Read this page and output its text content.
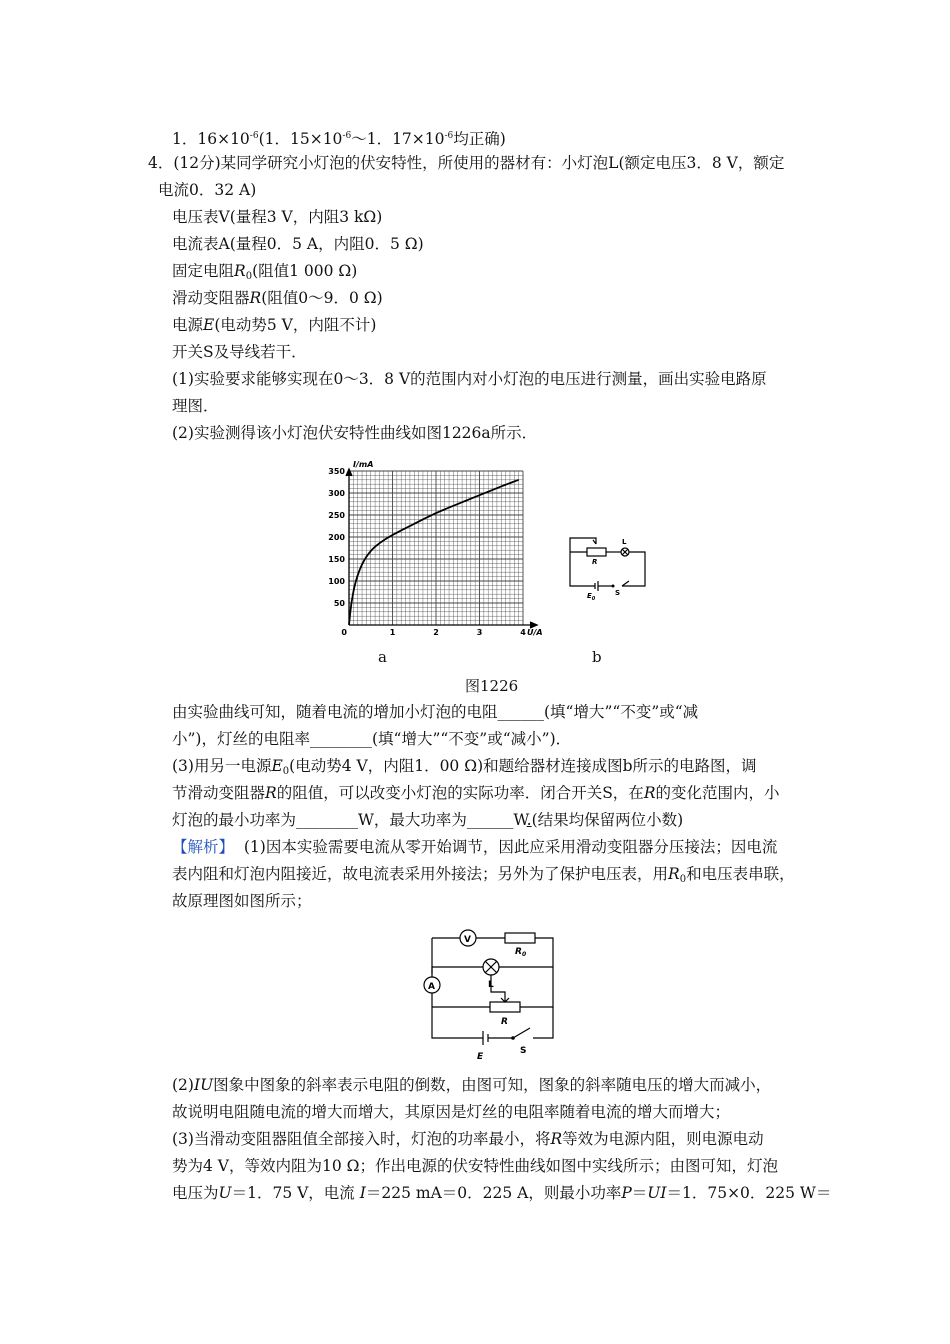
1．$16\times 10^{-6}(1$．$15\times 10^{-6}\sim 1$．$17\times 10^{-6}$均正确)
4．(12分)某同学研究小灯泡的伏安特性，所使用的器材有：小灯泡L(额定电压3．8 V，额定
电流0．32 A)
电压表V(量程3 V，内阻3 kΩ)
电流表A(量程0．5 A，内阻0．5 Ω)
固定电阻$R_0$(阻值1 000 Ω)
滑动变阻器R(阻值0～9．0 Ω)
电源E(电动势5 V，内阻不计)
开关S及导线若干．
(1)实验要求能够实现在0～3．8 V的范围内对小灯泡的电压进行测量，画出实验电路原
理图．
(2)实验测得该小灯泡伏安特性曲线如图1226a所示．
I/mA
U/A
350
300
250
200
150
100
50
0	1	2	3	4
R
L
$E_0$
S
a	b
图1226
由实验曲线可知，随着电流的增加小灯泡的电阻______(填“增大”“不变”或“减
小”)，灯丝的电阻率________(填“增大”“不变”或“减小”)．
(3)用另一电源$E_0$(电动势4 V，内阻1．00 Ω)和题给器材连接成图b所示的电路图，调
节滑动变阻器R的阻值，可以改变小灯泡的实际功率．闭合开关S，在R的变化范围内，小
灯泡的最小功率为________W，最大功率为______W.(结果均保留两位小数)
【解析】 (1)因本实验需要电流从零开始调节，因此应采用滑动变阻器分压接法；因电流
表内阻和灯泡内阻接近，故电流表采用外接法；另外为了保护电压表，用$R_0$和电压表串联，
故原理图如图所示；
V
A
$R_0$
L
R
E
S
(2)IU图象中图象的斜率表示电阻的倒数，由图可知，图象的斜率随电压的增大而减小，
故说明电阻随电流的增大而增大，其原因是灯丝的电阻率随着电流的增大而增大；
(3)当滑动变阻器阻值全部接入时，灯泡的功率最小，将R等效为电源内阻，则电源电动
势为4 V，等效内阻为10 Ω；作出电源的伏安特性曲线如图中实线所示；由图可知，灯泡
电压为U＝1．75 V，电流 I＝225 mA＝0．225 A，则最小功率P＝UI＝1．75×0．225 W＝
